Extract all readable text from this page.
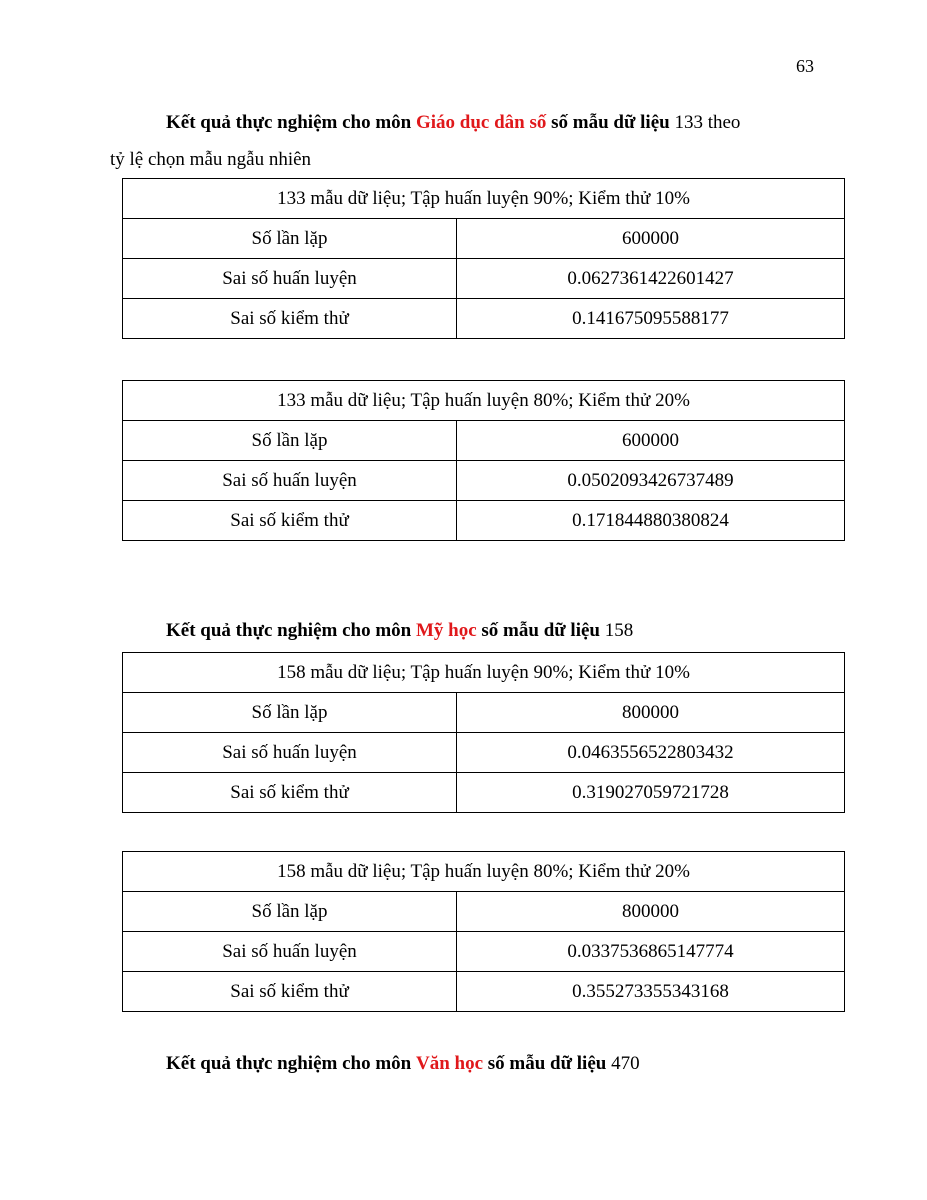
63
Kết quả thực nghiệm cho môn Giáo dục dân số số mẫu dữ liệu 133 theo
tỷ lệ chọn mẫu ngẫu nhiên
133 mẫu dữ liệu; Tập huấn luyện 90%; Kiểm thử 10%	
Số lần lặp	600000
Sai số huấn luyện	0.0627361422601427
Sai số kiểm thử	0.141675095588177
133 mẫu dữ liệu; Tập huấn luyện 80%; Kiểm thử 20%	
Số lần lặp	600000
Sai số huấn luyện	0.0502093426737489
Sai số kiểm thử	0.171844880380824
Kết quả thực nghiệm cho môn Mỹ học số mẫu dữ liệu 158
158 mẫu dữ liệu; Tập huấn luyện 90%; Kiểm thử 10%	
Số lần lặp	800000
Sai số huấn luyện	0.0463556522803432
Sai số kiểm thử	0.319027059721728
158 mẫu dữ liệu; Tập huấn luyện 80%; Kiểm thử 20%	
Số lần lặp	800000
Sai số huấn luyện	0.0337536865147774
Sai số kiểm thử	0.355273355343168
Kết quả thực nghiệm cho môn Văn học số mẫu dữ liệu 470
